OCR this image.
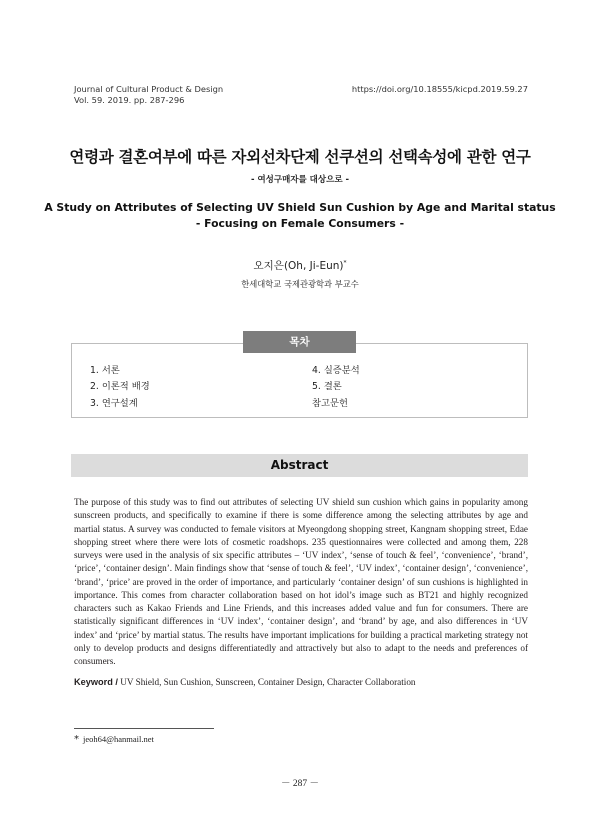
Journal of Cultural Product & Design
Vol. 59. 2019. pp. 287-296
https://doi.org/10.18555/kicpd.2019.59.27
연령과 결혼여부에 따른 자외선차단제 선쿠션의 선택속성에 관한 연구
- 여성구매자를 대상으로 -
A Study on Attributes of Selecting UV Shield Sun Cushion by Age and Marital status
- Focusing on Female Consumers -
오지은(Oh, Ji-Eun)*
한세대학교 국제관광학과 부교수
목차
1. 서론
2. 이론적 배경
3. 연구설계
4. 실증분석
5. 결론
참고문헌
Abstract
The purpose of this study was to find out attributes of selecting UV shield sun cushion which gains in popularity among sunscreen products, and specifically to examine if there is some difference among the selecting attributes by age and martial status. A survey was conducted to female visitors at Myeongdong shopping street, Kangnam shopping street, Edae shopping street where there were lots of cosmetic roadshops. 235 questionnaires were collected and among them, 228 surveys were used in the analysis of six specific attributes – ‘UV index’, ‘sense of touch & feel’, ‘convenience’, ‘brand’, ‘price’, ‘container design’. Main findings show that ‘sense of touch & feel’, ‘UV index’, ‘container design’, ‘convenience’, ‘brand’, ‘price’ are proved in the order of importance, and particularly ‘container design’ of sun cushions is highlighted in importance. This comes from character collaboration based on hot idol’s image such as BT21 and highly recognized characters such as Kakao Friends and Line Friends, and this increases added value and fun for consumers. There are statistically significant differences in ‘UV index’, ‘container design’, and ‘brand’ by age, and also differences in ‘UV index’ and ‘price’ by martial status. The results have important implications for building a practical marketing strategy not only to develop products and designs differentiatedly and attractively but also to adapt to the needs and preferences of consumers.
Keyword / UV Shield, Sun Cushion, Sunscreen, Container Design, Character Collaboration
* jeoh64@hanmail.net
－ 287 －
